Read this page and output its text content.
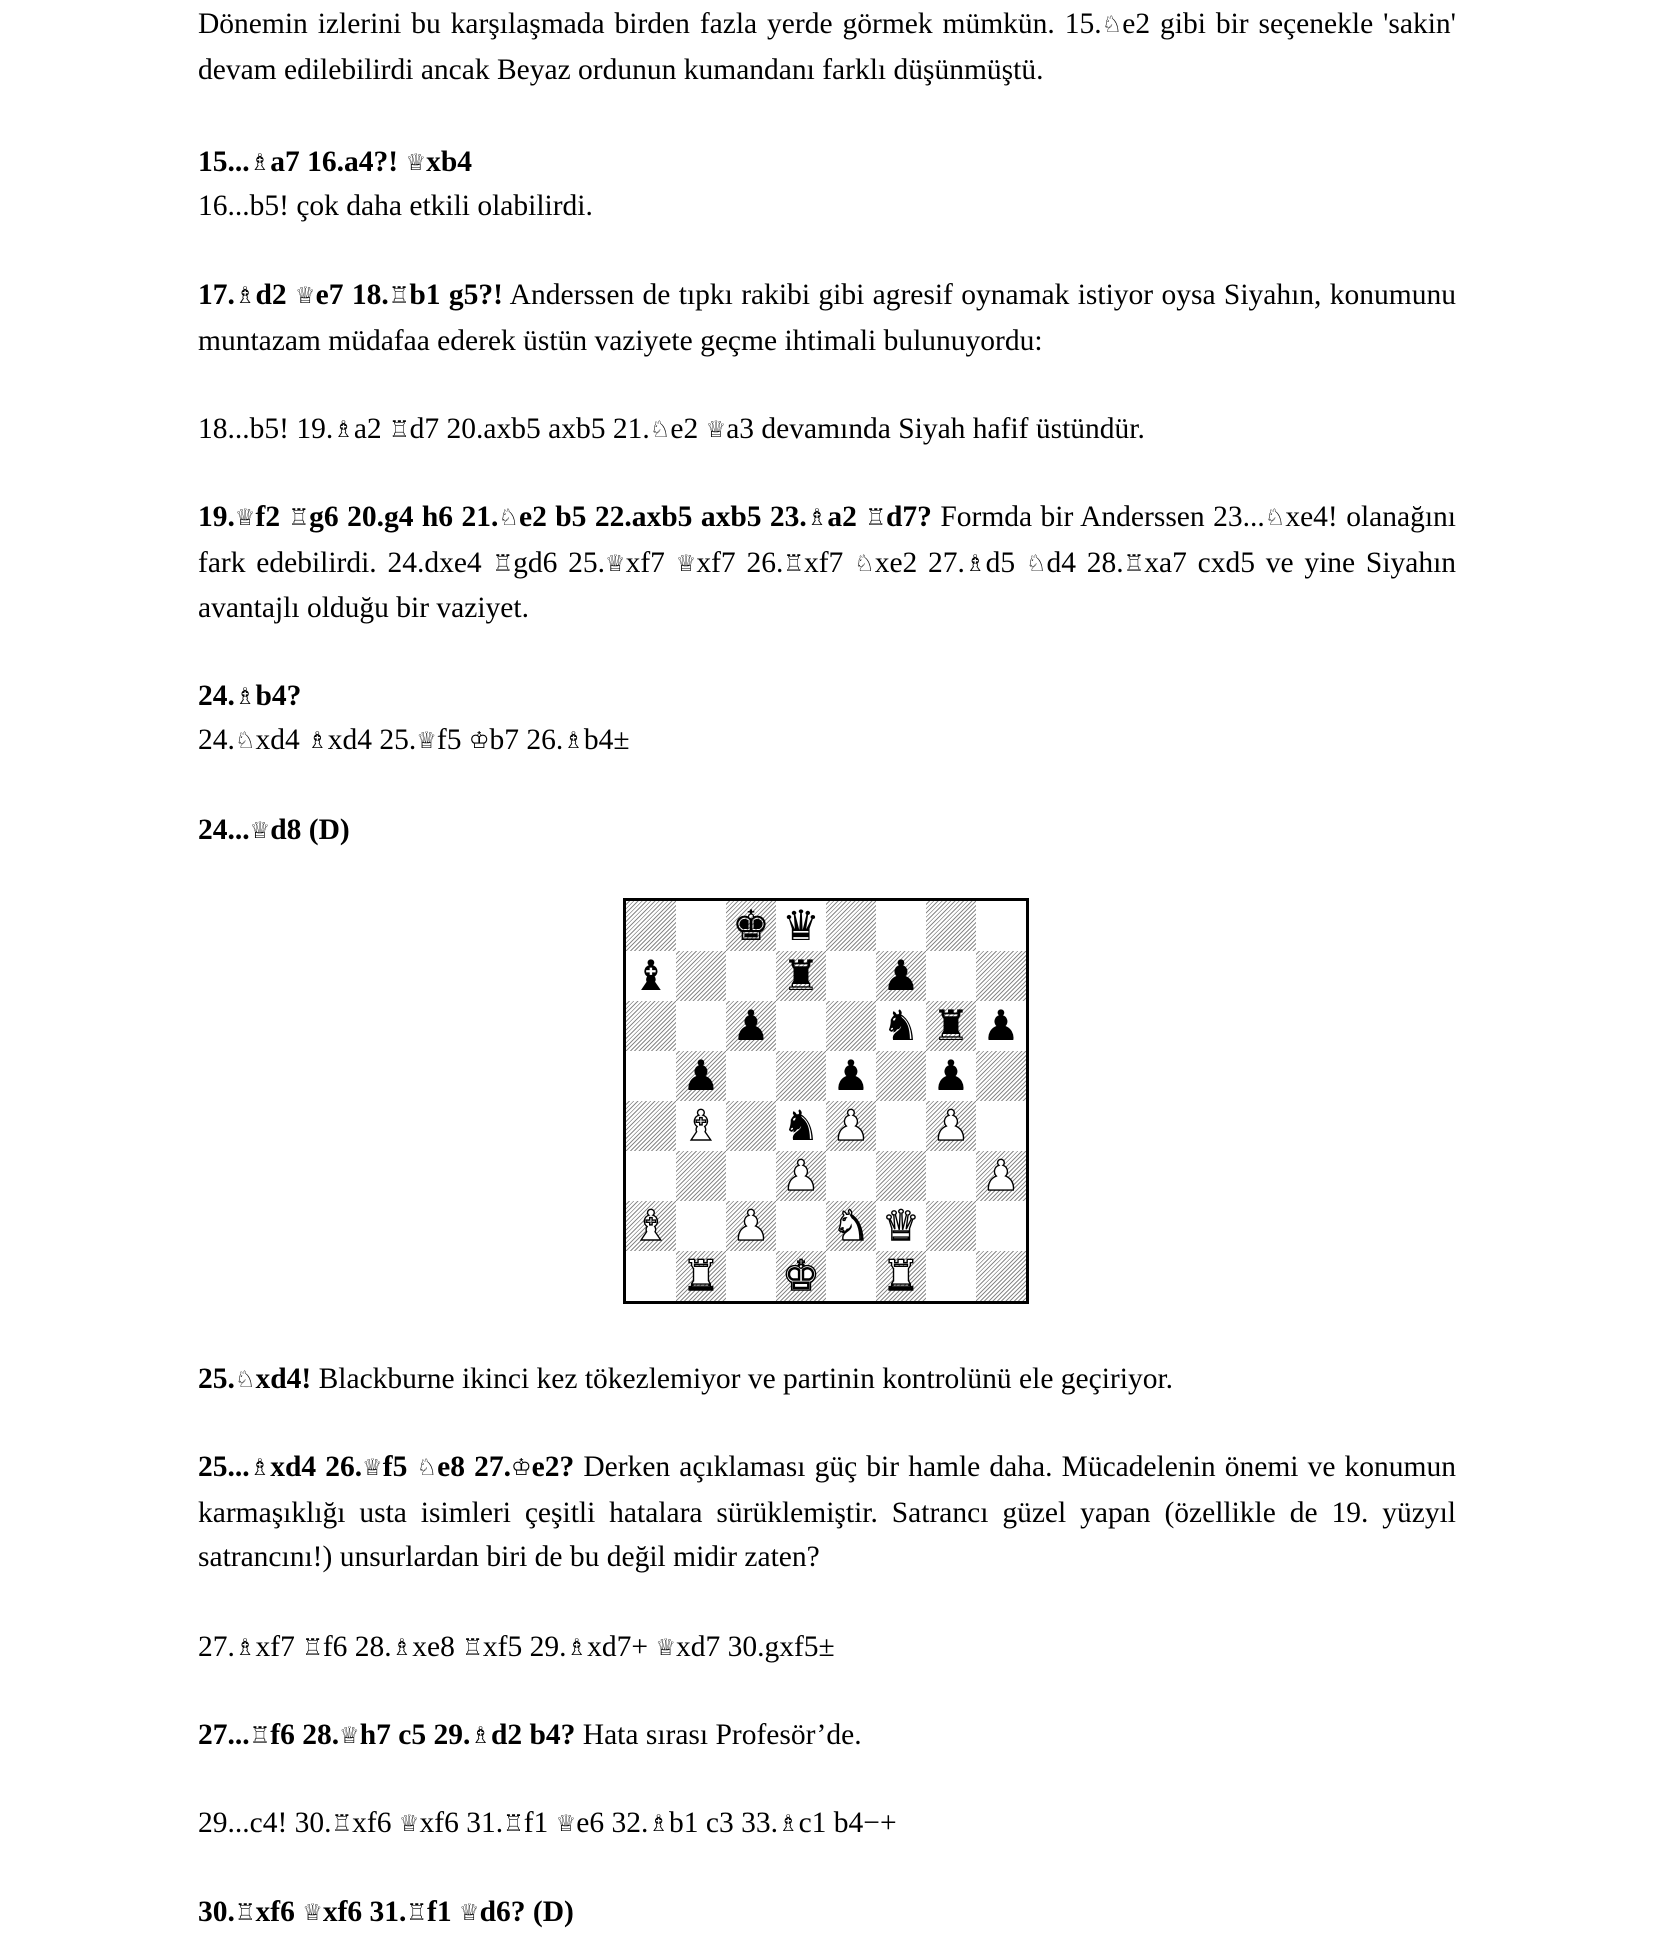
Dönemin izlerini bu karşılaşmada birden fazla yerde görmek mümkün. 15.♘e2 gibi bir seçenekle 'sakin' devam edilebilirdi ancak Beyaz ordunun kumandanı farklı düşünmüştü.

15...♗a7 16.a4?! ♕xb4

16...b5! çok daha etkili olabilirdi.

17.♗d2 ♕e7 18.♖b1 g5?! Anderssen de tıpkı rakibi gibi agresif oynamak istiyor oysa Siyahın, konumunu muntazam müdafaa ederek üstün vaziyete geçme ihtimali bulunuyordu:

18...b5! 19.♗a2 ♖d7 20.axb5 axb5 21.♘e2 ♕a3 devamında Siyah hafif üstündür.

19.♕f2 ♖g6 20.g4 h6 21.♘e2 b5 22.axb5 axb5 23.♗a2 ♖d7? Formda bir Anderssen 23...♘xe4! olanağını fark edebilirdi. 24.dxe4 ♖gd6 25.♕xf7 ♕xf7 26.♖xf7 ♘xe2 27.♗d5 ♘d4 28.♖xa7 cxd5 ve yine Siyahın avantajlı olduğu bir vaziyet.

24.♗b4?

24.♘xd4 ♗xd4 25.♕f5 ♔b7 26.♗b4±

24...♕d8 (D)

25.♘xd4! Blackburne ikinci kez tökezlemiyor ve partinin kontrolünü ele geçiriyor.

25...♗xd4 26.♕f5 ♘e8 27.♔e2? Derken açıklaması güç bir hamle daha. Mücadelenin önemi ve konumun karmaşıklığı usta isimleri çeşitli hatalara sürüklemiştir. Satrancı güzel yapan (özellikle de 19. yüzyıl satrancını!) unsurlardan biri de bu değil midir zaten?

27.♗xf7 ♖f6 28.♗xe8 ♖xf5 29.♗xd7+ ♕xd7 30.gxf5±

27...♖f6 28.♕h7 c5 29.♗d2 b4? Hata sırası Profesör’de.

29...c4! 30.♖xf6 ♕xf6 31.♖f1 ♕e6 32.♗b1 c3 33.♗c1 b4−+

30.♖xf6 ♕xf6 31.♖f1 ♕d6? (D)

♚ ♛
♝	♜ ♟
♟	♞ ♜ ♟
♟	♟ ♟
♝ ♞ ♟ ♟
♟	♟
♝ ♟ ♞ ♛
♜ ♚ ♜
